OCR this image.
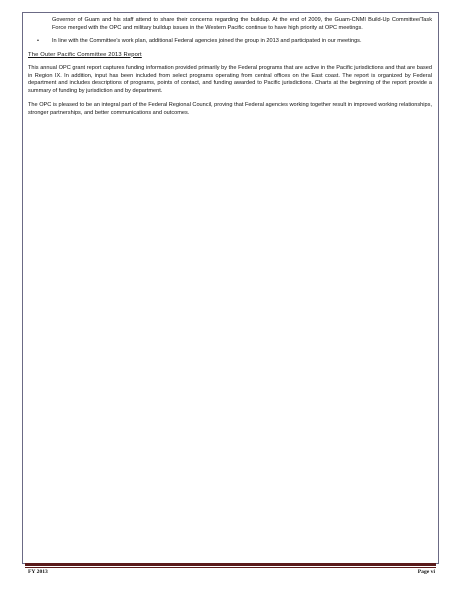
Governor of Guam and his staff attend to share their concerns regarding the buildup. At the end of 2009, the Guam-CNMI Build-Up Committee/Task Force merged with the OPC and military buildup issues in the Western Pacific continue to have high priority at OPC meetings.

• In line with the Committee's work plan, additional Federal agencies joined the group in 2013 and participated in our meetings.

The Outer Pacific Committee 2013 Report

This annual OPC grant report captures funding information provided primarily by the Federal programs that are active in the Pacific jurisdictions and that are based in Region IX. In addition, input has been included from select programs operating from central offices on the East coast. The report is organized by Federal department and includes descriptions of programs, points of contact, and funding awarded to Pacific jurisdictions. Charts at the beginning of the report provide a summary of funding by jurisdiction and by department.

The OPC is pleased to be an integral part of the Federal Regional Council, proving that Federal agencies working together result in improved working relationships, stronger partnerships, and better communications and outcomes.

FY 2013	Page vi
